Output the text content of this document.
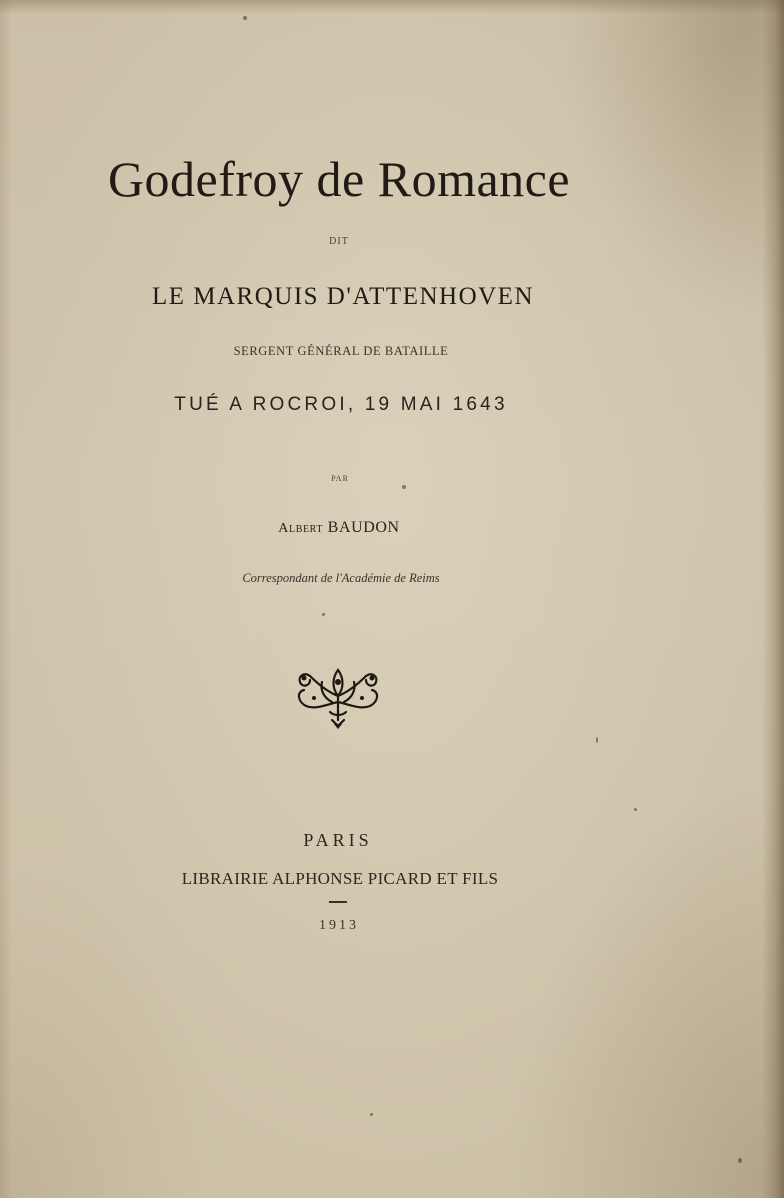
Godefroy de Romance
DIT
LE MARQUIS D'ATTENHOVEN
SERGENT GÉNÉRAL DE BATAILLE
TUÉ A ROCROI, 19 MAI 1643
PAR
Albert BAUDON
Correspondant de l'Académie de Reims
PARIS
LIBRAIRIE ALPHONSE PICARD ET FILS
1913
